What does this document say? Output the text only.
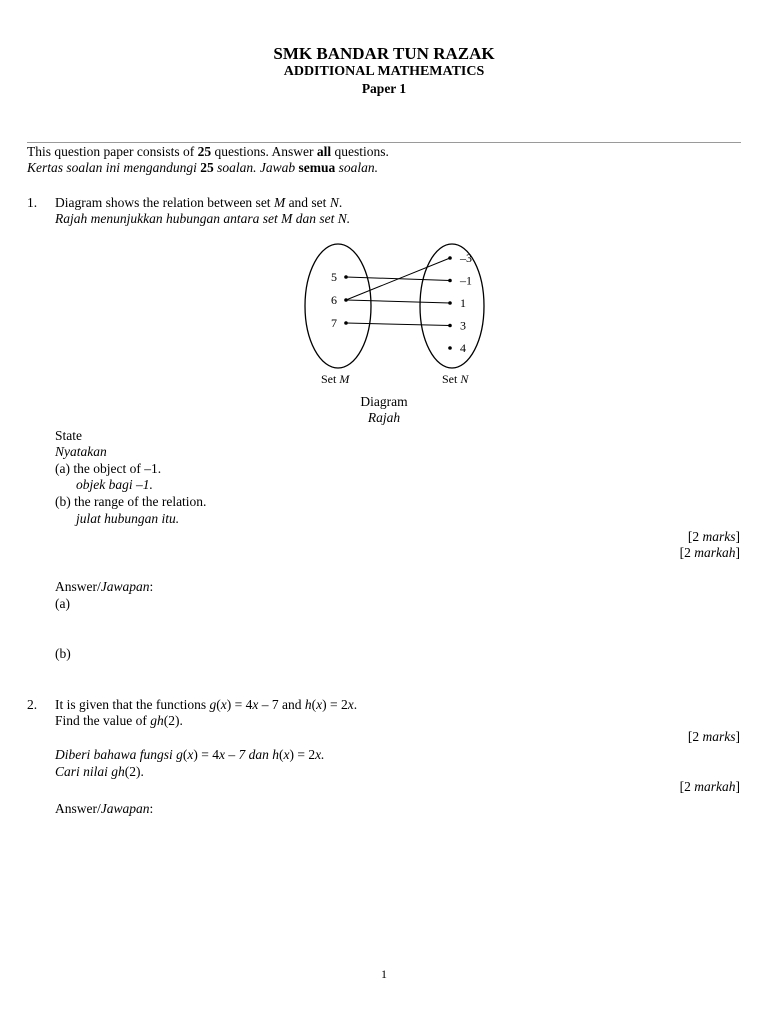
SMK BANDAR TUN RAZAK
ADDITIONAL MATHEMATICS
Paper 1
This question paper consists of 25 questions. Answer all questions.
Kertas soalan ini mengandungi 25 soalan. Jawab semua soalan.
1. Diagram shows the relation between set M and set N.
Rajah menunjukkan hubungan antara set M dan set N.
5
6
7
–3
–1
1
3
4
Set M	Set N
Diagram
Rajah
State
Nyatakan
(a) the object of –1.
objek bagi –1.
(b) the range of the relation.
julat hubungan itu.
[2 marks]
[2 markah]
Answer/Jawapan:
(a)
(b)
2. It is given that the functions g(x) = 4x – 7 and h(x) = 2x.
Find the value of gh(2).
[2 marks]
Diberi bahawa fungsi g(x) = 4x – 7 dan h(x) = 2x.
Cari nilai gh(2).
[2 markah]
Answer/Jawapan:
1
